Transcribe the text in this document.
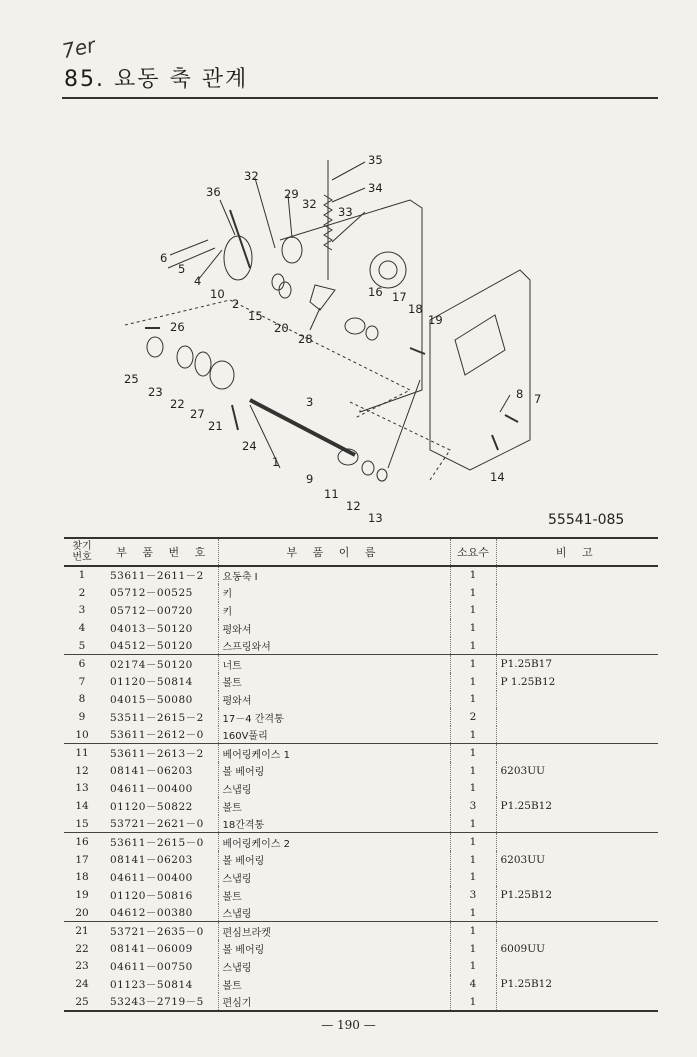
7er
85. 요동 축 관계
35
34
33
36
32
29
32
6
5
4
10
2
15
20
28
16 17
18
19
26
25
23
22
27
21
3
24
1
9
11
12
13
8 7
14
55541-085
찾기
번호	부 품 번 호	부 품 이 름	소요수	비 고
1	53611－2611－2	요동축 I	1	
2	05712－00525	키	1	
3	05712－00720	키	1	
4	04013－50120	평와셔	1	
5	04512－50120	스프링와셔	1	
6	02174－50120	너트	1	P1.25B17
7	01120－50814	볼트	1	P 1.25B12
8	04015－50080	평와셔	1	
9	53511－2615－2	17－4 간격통	2	
10	53611－2612－0	160V풀리	1	
11	53611－2613－2	베어링케이스 1	1	
12	08141－06203	볼 베어링	1	6203UU
13	04611－00400	스냅링	1	
14	01120－50822	볼트	3	P1.25B12
15	53721－2621－0	18간격통	1	
16	53611－2615－0	베어링케이스 2	1	
17	08141－06203	볼 베어링	1	6203UU
18	04611－00400	스냅링	1	
19	01120－50816	볼트	3	P1.25B12
20	04612－00380	스냅링	1	
21	53721－2635－0	편심브라켓	1	
22	08141－06009	볼 베어링	1	6009UU
23	04611－00750	스냅링	1	
24	01123－50814	볼트	4	P1.25B12
25	53243－2719－5	편심기	1	
— 190 —
